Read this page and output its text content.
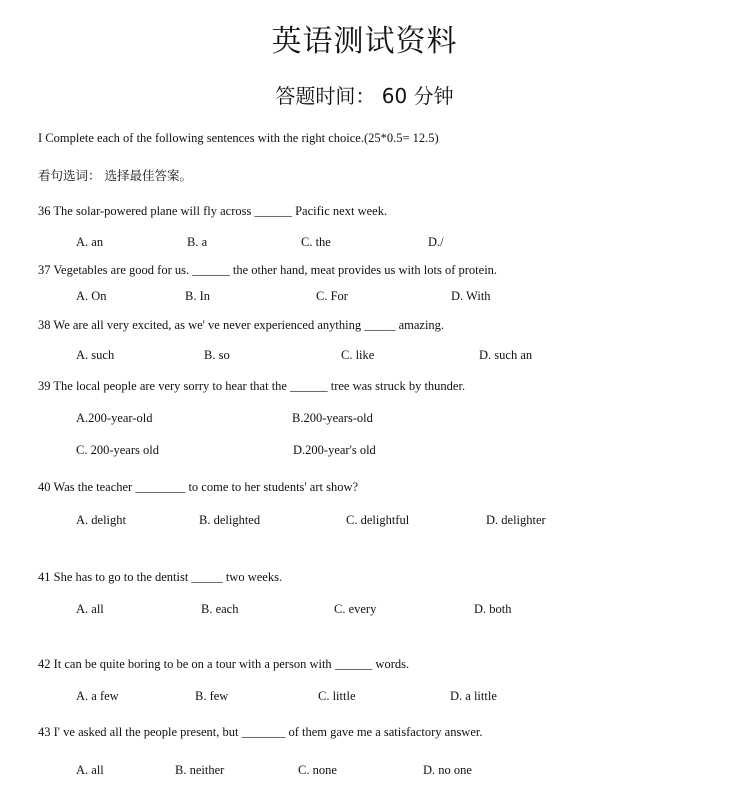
英语测试资料
答题时间： 60 分钟
I Complete each of the following sentences with the right choice.(25*0.5= 12.5)
看句选词： 选择最佳答案。
36 The solar-powered plane will fly across ______ Pacific next week.
A. an	B. a	C. the	D./
37 Vegetables are good for us. ______ the other hand, meat provides us with lots of protein.
A. On	B. In	C. For	D. With
38 We are all very excited, as we' ve never experienced anything _____ amazing.
A. such	B. so	C. like	D. such an
39 The local people are very sorry to hear that the ______ tree was struck by thunder.
A.200-year-old	B.200-years-old
C. 200-years old	D.200-year's old
40 Was the teacher ________ to come to her students' art show?
A. delight	B. delighted	C. delightful	D. delighter
41 She has to go to the dentist _____ two weeks.
A. all	B. each	C. every	D. both
42 It can be quite boring to be on a tour with a person with ______ words.
A. a few	B. few	C. little	D. a little
43 I' ve asked all the people present, but _______ of them gave me a satisfactory answer.
A. all	B. neither	C. none	D. no one
